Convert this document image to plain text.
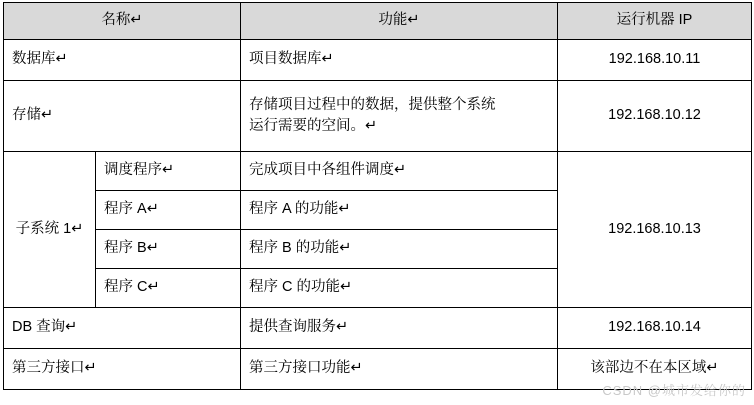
名称↵		功能↵	运行机器 IP
数据库↵		项目数据库↵	192.168.10.11
存储↵		存储项目过程中的数据，提供整个系统
运行需要的空间。↵	192.168.10.12
子系统 1↵	调度程序↵	完成项目中各组件调度↵	192.168.10.13
	程序 A↵	程序 A 的功能↵	
	程序 B↵	程序 B 的功能↵	
	程序 C↵	程序 C 的功能↵	
DB 查询↵		提供查询服务↵	192.168.10.14
第三方接口↵		第三方接口功能↵	该部边不在本区域↵
CSDN @城市发给你的
